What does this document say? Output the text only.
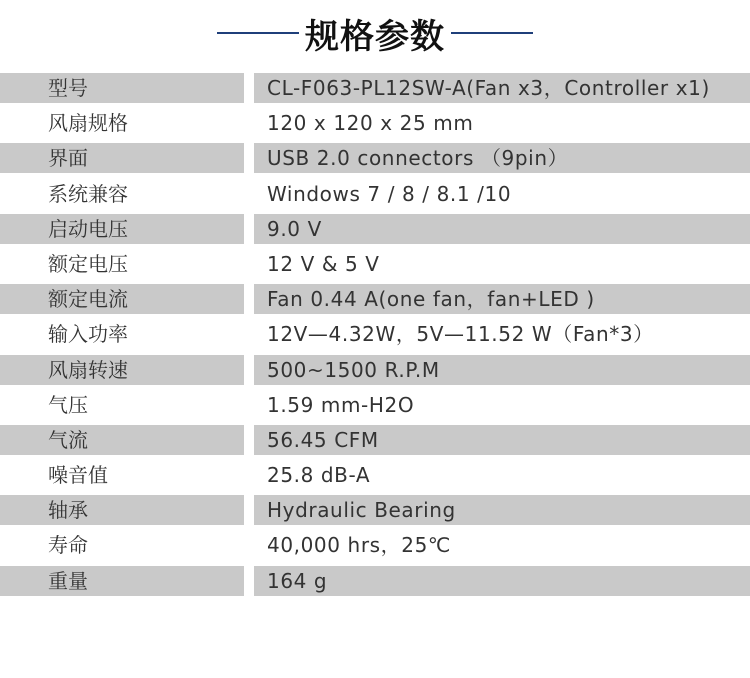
规格参数
型号	CL-F063-PL12SW-A(Fan x3，Controller x1)
风扇规格	120 x 120 x 25 mm
界面	USB 2.0 connectors （9pin）
系统兼容	Windows 7 / 8 / 8.1 /10
启动电压	9.0 V
额定电压	12 V & 5 V
额定电流	Fan 0.44 A(one fan，fan+LED )
输入功率	12V—4.32W，5V—11.52 W（Fan*3）
风扇转速	500~1500 R.P.M
气压	1.59 mm-H2O
气流	56.45 CFM
噪音值	25.8 dB-A
轴承	Hydraulic Bearing
寿命	40,000 hrs，25℃
重量	164 g
